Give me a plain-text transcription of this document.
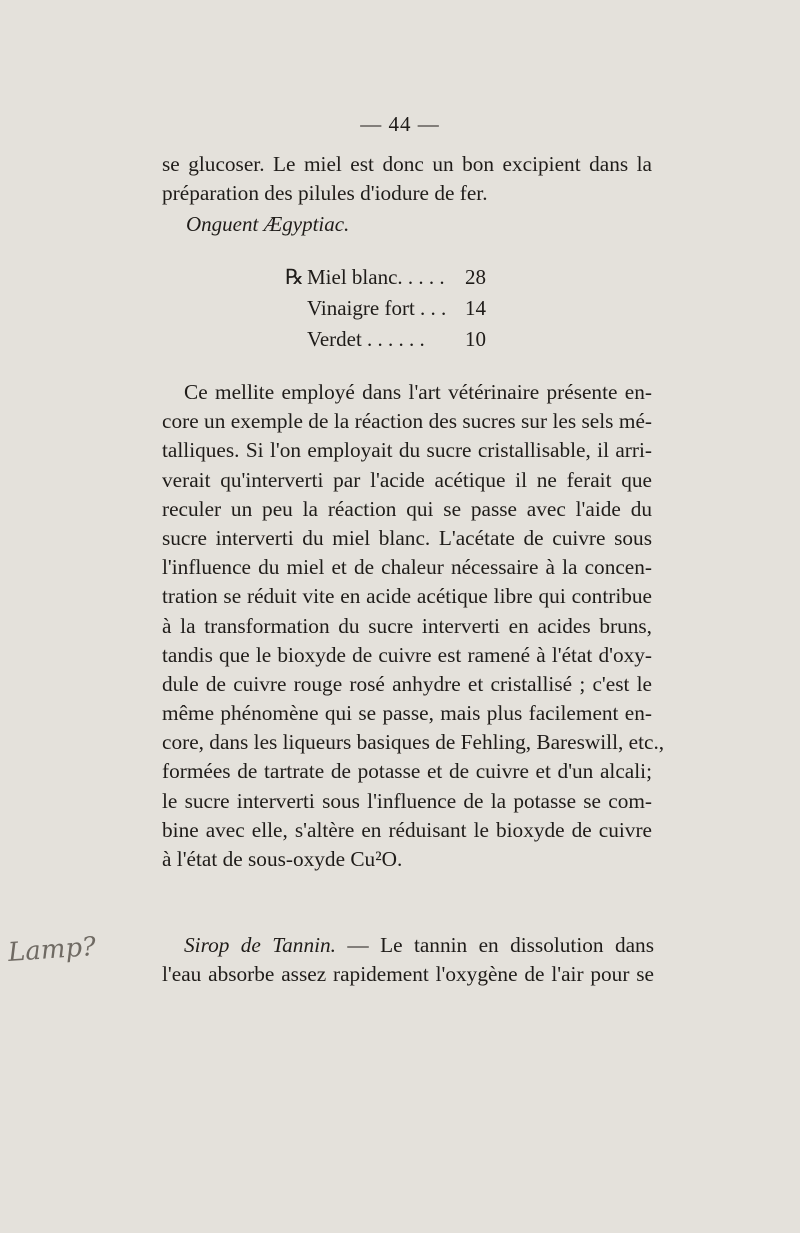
— 44 —
se glucoser. Le miel est donc un bon excipient dans la
préparation des pilules d'iodure de fer.
Onguent Ægyptiac.
℞ Miel blanc. . . . . 28
Vinaigre fort . . . 14
Verdet . . . . . .	10
Ce mellite employé dans l'art vétérinaire présente en-
core un exemple de la réaction des sucres sur les sels mé-
talliques. Si l'on employait du sucre cristallisable, il arri-
verait qu'interverti par l'acide acétique il ne ferait que
reculer un peu la réaction qui se passe avec l'aide du
sucre interverti du miel blanc. L'acétate de cuivre sous
l'influence du miel et de chaleur nécessaire à la concen-
tration se réduit vite en acide acétique libre qui contribue
à la transformation du sucre interverti en acides bruns,
tandis que le bioxyde de cuivre est ramené à l'état d'oxy-
dule de cuivre rouge rosé anhydre et cristallisé ; c'est le
même phénomène qui se passe, mais plus facilement en-
core, dans les liqueurs basiques de Fehling, Bareswill, etc.,
formées de tartrate de potasse et de cuivre et d'un alcali;
le sucre interverti sous l'influence de la potasse se com-
bine avec elle, s'altère en réduisant le bioxyde de cuivre
à l'état de sous-oxyde Cu²O.
Sirop de Tannin. — Le tannin en dissolution dans
l'eau absorbe assez rapidement l'oxygène de l'air pour se
Lamp?
